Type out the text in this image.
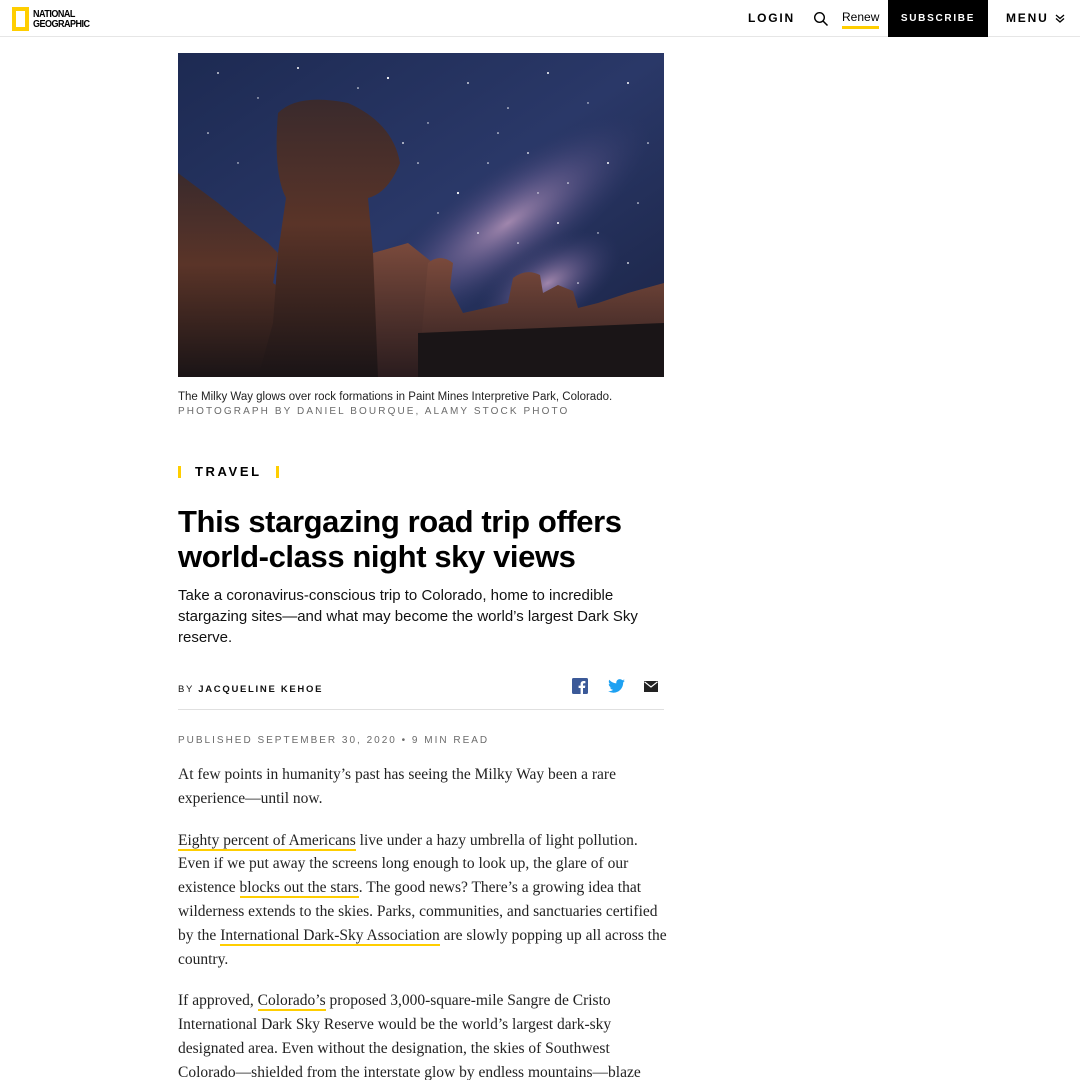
NATIONAL
GEOGRAPHIC	LOGIN	Renew	SUBSCRIBE	MENU
The Milky Way glows over rock formations in Paint Mines Interpretive Park, Colorado.
PHOTOGRAPH BY DANIEL BOURQUE, ALAMY STOCK PHOTO
TRAVEL
This stargazing road trip offers world-class night sky views

Take a coronavirus-conscious trip to Colorado, home to incredible stargazing sites—and what may become the world’s largest Dark Sky reserve.

BY JACQUELINE KEHOE
PUBLISHED SEPTEMBER 30, 2020 • 9 MIN READ

At few points in humanity’s past has seeing the Milky Way been a rare experience—until now.

Eighty percent of Americans live under a hazy umbrella of light pollution. Even if we put away the screens long enough to look up, the glare of our existence blocks out the stars. The good news? There’s a growing idea that wilderness extends to the skies. Parks, communities, and sanctuaries certified by the International Dark-Sky Association are slowly popping up all across the country.

If approved, Colorado’s proposed 3,000-square-mile Sangre de Cristo International Dark Sky Reserve would be the world’s largest dark-sky designated area. Even without the designation, the skies of Southwest Colorado—shielded from the interstate glow by endless mountains—blaze
